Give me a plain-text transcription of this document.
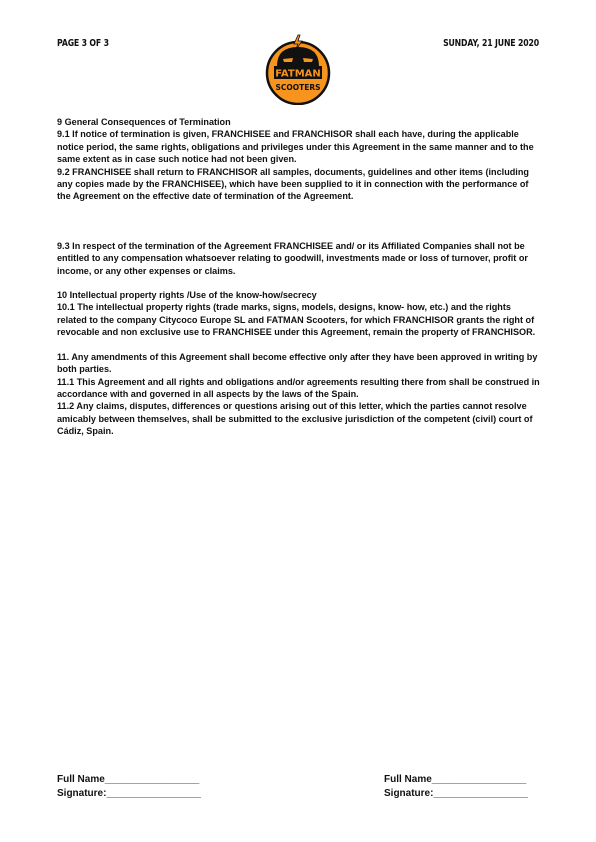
PAGE 3 OF 3	SUNDAY, 21 JUNE 2020
FATMAN
SCOOTERS

9 General Consequences of Termination

9.1 If notice of termination is given, FRANCHISEE and FRANCHISOR shall each have, during the applicable notice period, the same rights, obligations and privileges under this Agreement in the same manner and to the same extent as in case such notice had not been given.

9.2 FRANCHISEE shall return to FRANCHISOR all samples, documents, guidelines and other items (including any copies made by the FRANCHISEE), which have been supplied to it in connection with the performance of the Agreement on the effective date of termination of the Agreement.

9.3 In respect of the termination of the Agreement FRANCHISEE and/ or its Affiliated Companies shall not be entitled to any compensation whatsoever relating to goodwill, investments made or loss of turnover, profit or income, or any other expenses or claims.

10 Intellectual property rights /Use of the know-how/secrecy

10.1 The intellectual property rights (trade marks, signs, models, designs, know- how, etc.) and the rights related to the company Citycoco Europe SL and FATMAN Scooters, for which FRANCHISOR grants the right of revocable and non exclusive use to FRANCHISEE under this Agreement, remain the property of FRANCHISOR.

11. Any amendments of this Agreement shall become effective only after they have been approved in writing by both parties.

11.1 This Agreement and all rights and obligations and/or agreements resulting there from shall be construed in accordance with and governed in all aspects by the laws of the Spain.

11.2 Any claims, disputes, differences or questions arising out of this letter, which the parties cannot resolve amicably between themselves, shall be submitted to the exclusive jurisdiction of the competent (civil) court of Cádiz, Spain.

Full Name_________________
Signature:_________________
Full Name_________________
Signature:_________________
